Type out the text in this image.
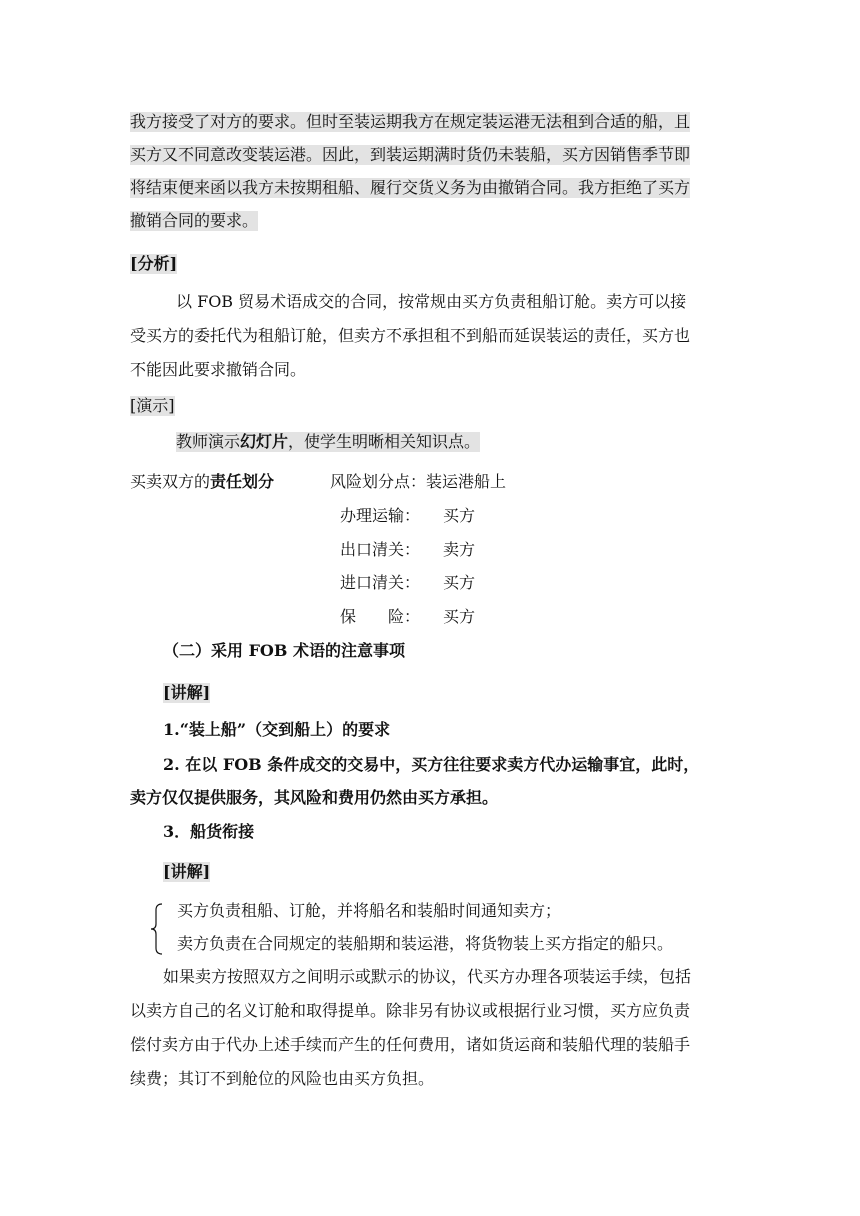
我方接受了对方的要求。但时至装运期我方在规定装运港无法租到合适的船，且
买方又不同意改变装运港。因此，到装运期满时货仍未装船，买方因销售季节即
将结束便来函以我方未按期租船、履行交货义务为由撤销合同。我方拒绝了买方
撤销合同的要求。
[分析]
以 FOB 贸易术语成交的合同，按常规由买方负责租船订舱。卖方可以接
受买方的委托代为租船订舱，但卖方不承担租不到船而延误装运的责任，买方也
不能因此要求撤销合同。
[演示]
教师演示幻灯片，使学生明晰相关知识点。
买卖双方的责任划分	风险划分点：装运港船上
办理运输： 买方
出口清关： 卖方
进口清关： 买方
保　　险： 买方
（二）采用 FOB 术语的注意事项
[讲解]
1.“装上船”（交到船上）的要求
2. 在以 FOB 条件成交的交易中，买方往往要求卖方代办运输事宜，此时，
卖方仅仅提供服务，其风险和费用仍然由买方承担。
3．船货衔接
[讲解]
买方负责租船、订舱，并将船名和装船时间通知卖方；
卖方负责在合同规定的装船期和装运港，将货物装上买方指定的船只。
如果卖方按照双方之间明示或默示的协议，代买方办理各项装运手续，包括
以卖方自己的名义订舱和取得提单。除非另有协议或根据行业习惯，买方应负责
偿付卖方由于代办上述手续而产生的任何费用，诸如货运商和装船代理的装船手
续费；其订不到舱位的风险也由买方负担。
